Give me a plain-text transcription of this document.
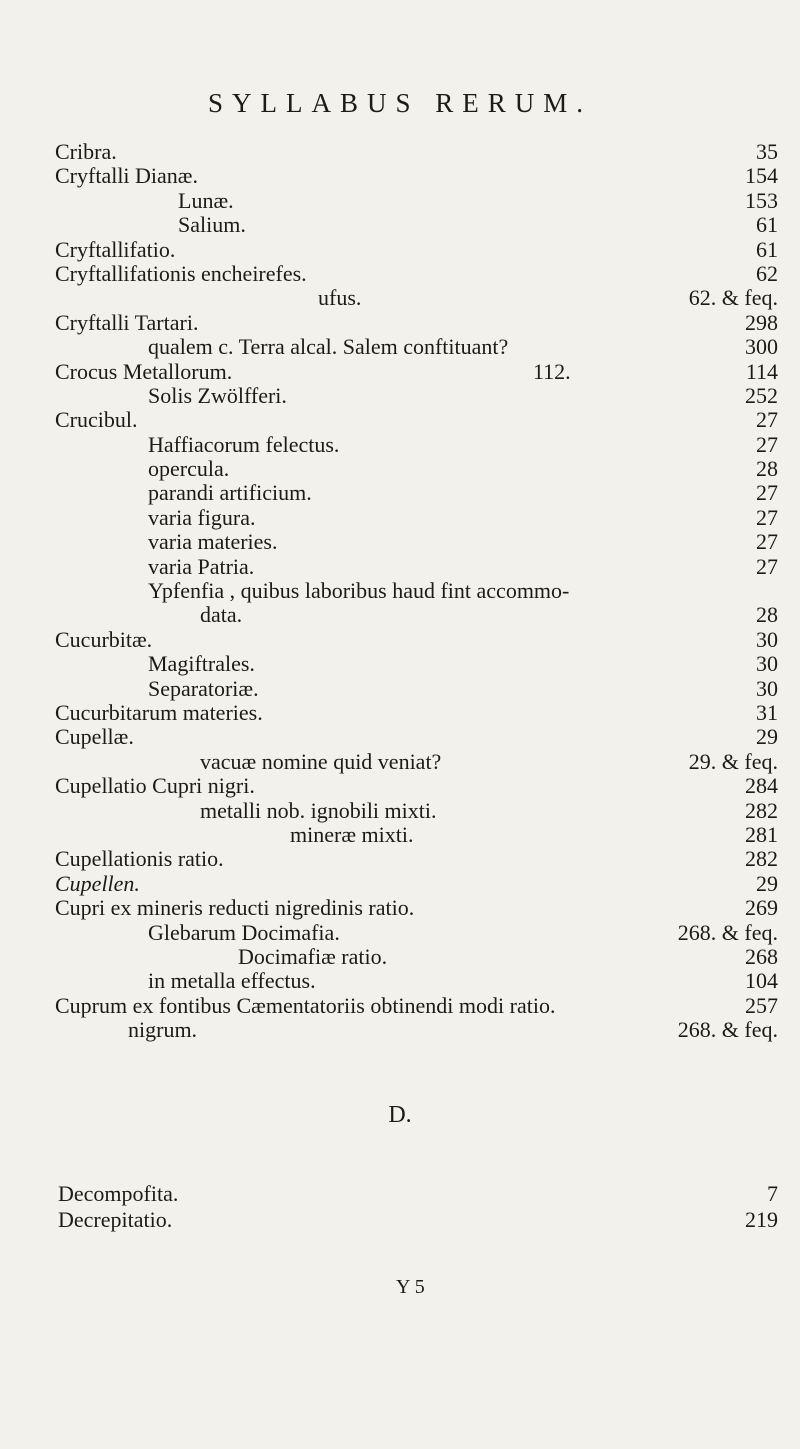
SYLLABUS RERUM.
Cribra.	35
Cryftalli Dianæ.	154
Lunæ.	153
Salium.	61
Cryftallifatio.	61
Cryftallifationis encheirefes.	62
ufus.	62. & feq.
Cryftalli Tartari.	298
qualem c. Terra alcal. Salem conftituant?	300
Crocus Metallorum.	112.	114
Solis Zwölfferi.	252
Crucibul.	27
Haffiacorum felectus.	27
opercula.	28
parandi artificium.	27
varia figura.	27
varia materies.	27
varia Patria.	27
Ypfenfia , quibus laboribus haud fint accommo-
data.	28
Cucurbitæ.	30
Magiftrales.	30
Separatoriæ.	30
Cucurbitarum materies.	31
Cupellæ.	29
vacuæ nomine quid veniat?	29. & feq.
Cupellatio Cupri nigri.	284
metalli nob. ignobili mixti.	282
mineræ mixti.	281
Cupellationis ratio.	282
Cupellen.	29
Cupri ex mineris reducti nigredinis ratio.	269
Glebarum Docimafia.	268. & feq.
Docimafiæ ratio.	268
in metalla effectus.	104
Cuprum ex fontibus Cæmentatoriis obtinendi modi ratio.	257
nigrum.	268. & feq.
D.
Decompofita.	7
Decrepitatio.	219
Y 5
